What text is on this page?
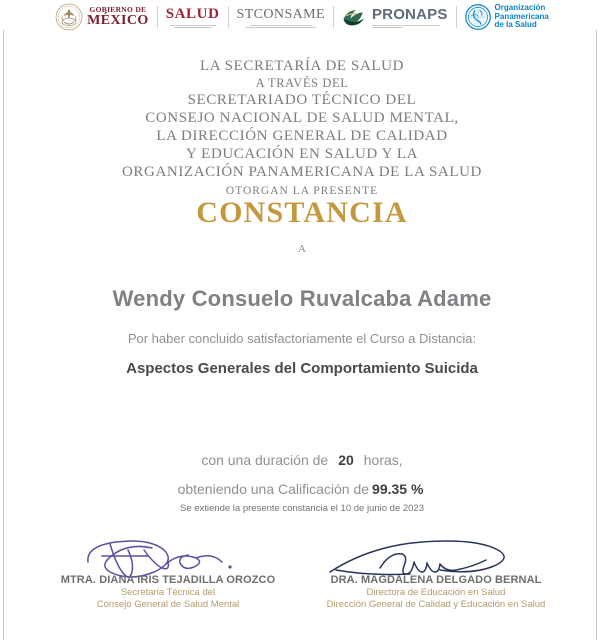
GOBIERNO DE
MÉXICO SALUD STCONSAME	PRONAPS	Organización
Panamericana
de la Salud
LA SECRETARÍA DE SALUD
A TRAVÉS DEL
SECRETARIADO TÉCNICO DEL
CONSEJO NACIONAL DE SALUD MENTAL,
LA DIRECCIÓN GENERAL DE CALIDAD
Y EDUCACIÓN EN SALUD Y LA
ORGANIZACIÓN PANAMERICANA DE LA SALUD
OTORGAN LA PRESENTE
CONSTANCIA
A
Wendy Consuelo Ruvalcaba Adame
Por haber concluido satisfactoriamente el Curso a Distancia:
Aspectos Generales del Comportamiento Suicida
con una duración de 20 horas,
obteniendo una Calificación de 99.35 %
Se extiende la presente constancia el 10 de junio de 2023
MTRA. DIANA IRIS TEJADILLA OROZCO
Secretaria Técnica del
Consejo General de Salud Mental
DRA. MAGDALENA DELGADO BERNAL
Directora de Educación en Salud
Dirección General de Calidad y Educación en Salud
